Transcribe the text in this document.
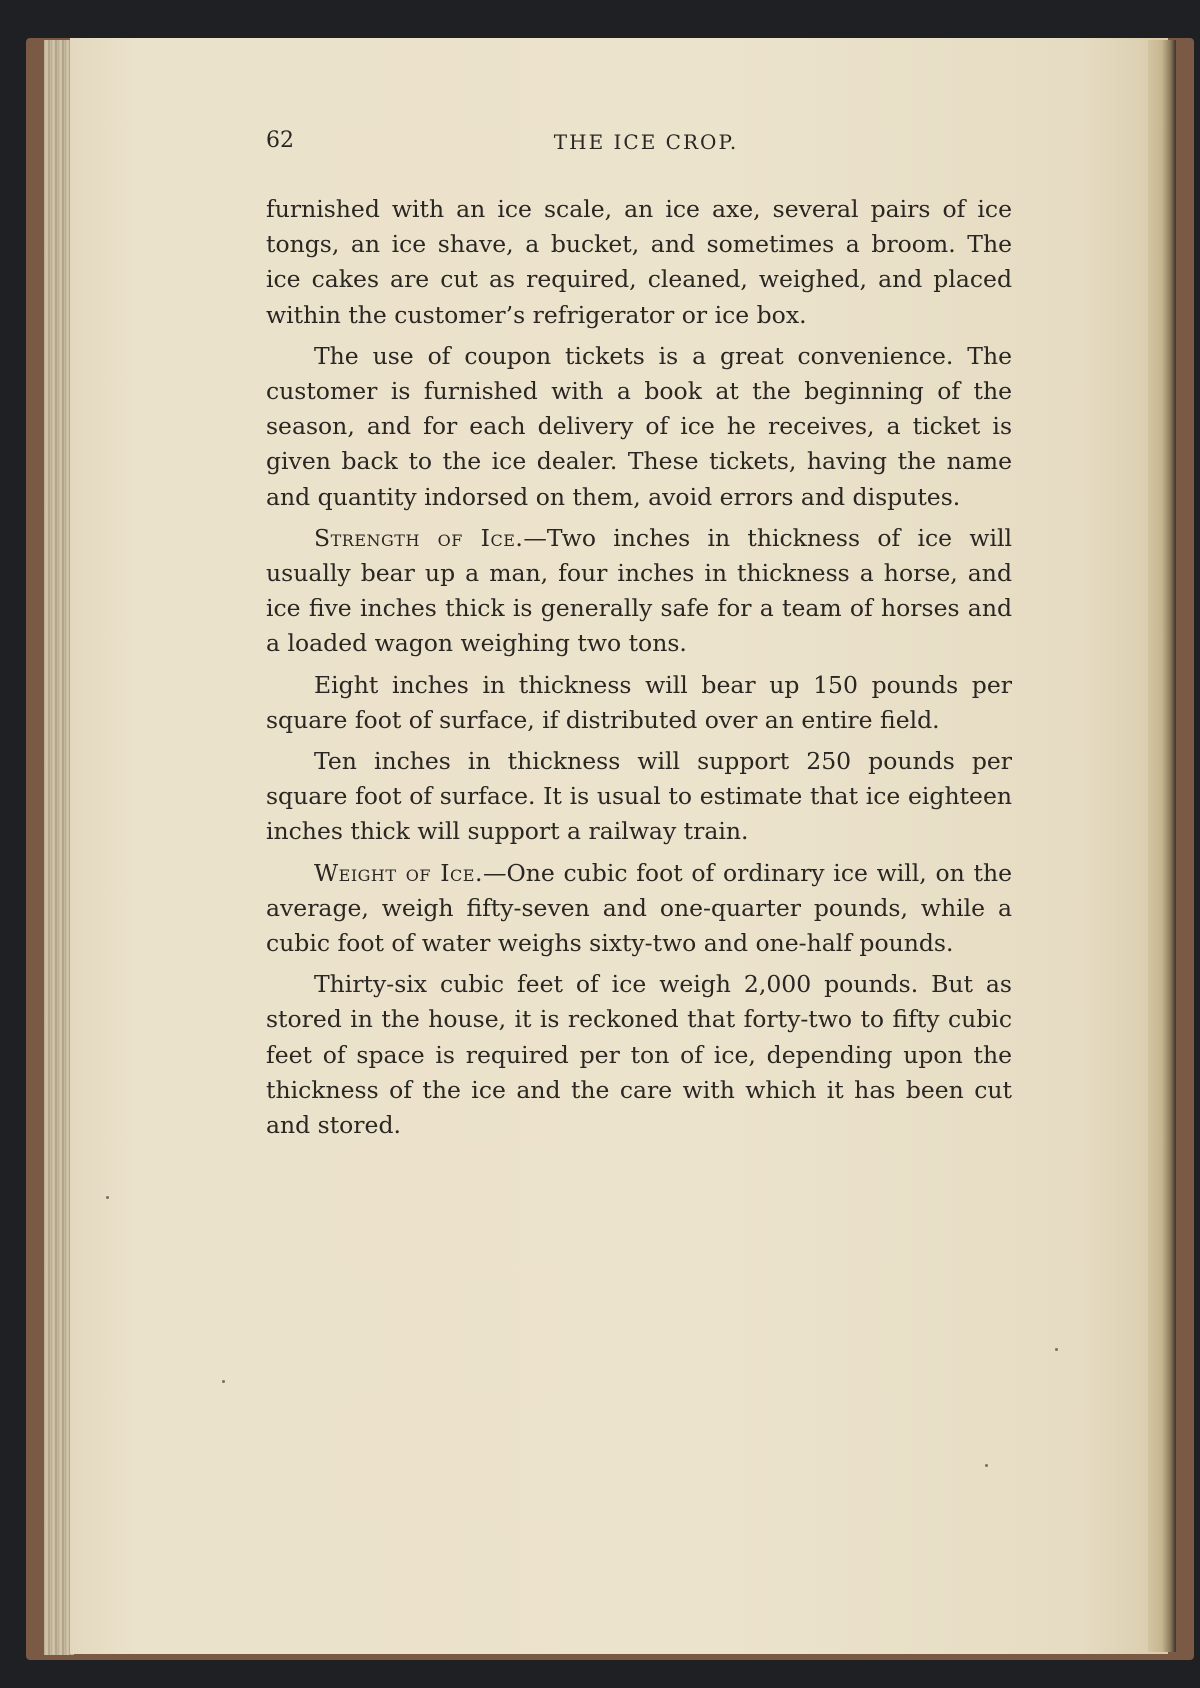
62	THE ICE CROP.

furnished with an ice scale, an ice axe, several pairs of ice tongs, an ice shave, a bucket, and sometimes a broom. The ice cakes are cut as required, cleaned, weighed, and placed within the customer’s refrigerator or ice box.

The use of coupon tickets is a great convenience. The customer is furnished with a book at the beginning of the season, and for each delivery of ice he receives, a ticket is given back to the ice dealer. These tickets, having the name and quantity indorsed on them, avoid errors and disputes.

Strength of Ice.—Two inches in thickness of ice will usually bear up a man, four inches in thickness a horse, and ice five inches thick is generally safe for a team of horses and a loaded wagon weighing two tons.

Eight inches in thickness will bear up 150 pounds per square foot of surface, if distributed over an entire field.

Ten inches in thickness will support 250 pounds per square foot of surface. It is usual to estimate that ice eighteen inches thick will support a railway train.

Weight of Ice.—One cubic foot of ordinary ice will, on the average, weigh fifty-seven and one-quarter pounds, while a cubic foot of water weighs sixty-two and one-half pounds.

Thirty-six cubic feet of ice weigh 2,000 pounds. But as stored in the house, it is reckoned that forty-two to fifty cubic feet of space is required per ton of ice, depending upon the thickness of the ice and the care with which it has been cut and stored.
